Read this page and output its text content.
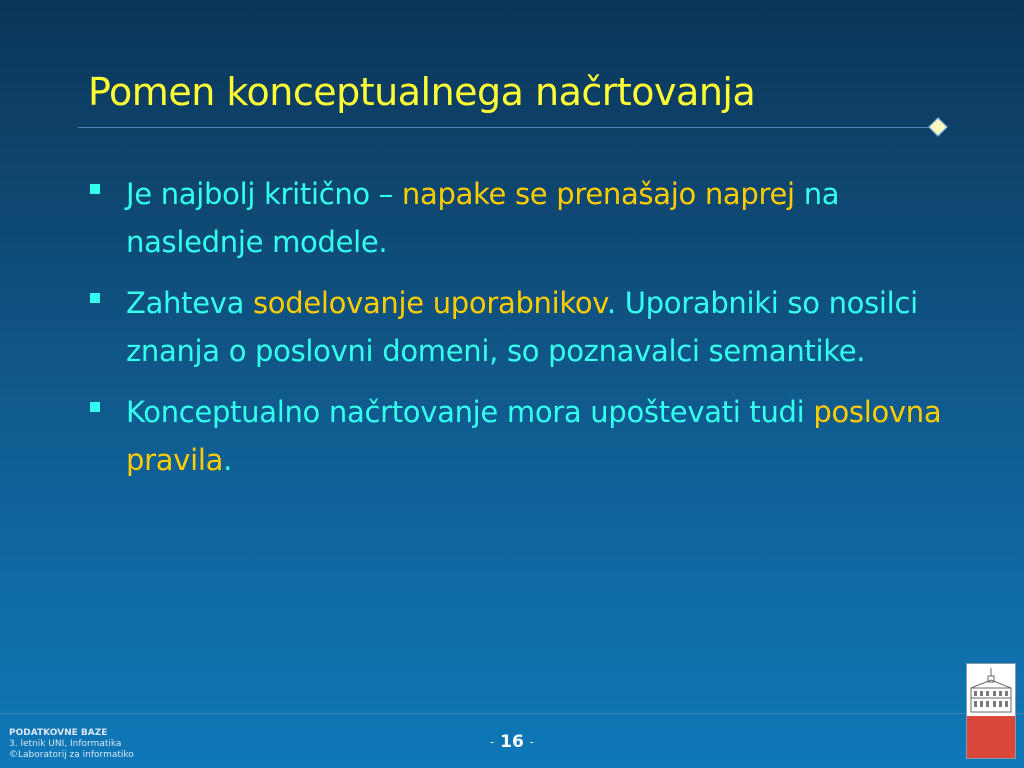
Pomen konceptualnega načrtovanja
Je najbolj kritično – napake se prenašajo naprej na naslednje modele.
Zahteva sodelovanje uporabnikov. Uporabniki so nosilci znanja o poslovni domeni, so poznavalci semantike.
Konceptualno načrtovanje mora upoštevati tudi poslovna pravila.
PODATKOVNE BAZE
3. letnik UNI, Informatika
©Laboratorij za informatiko
- 16 -
